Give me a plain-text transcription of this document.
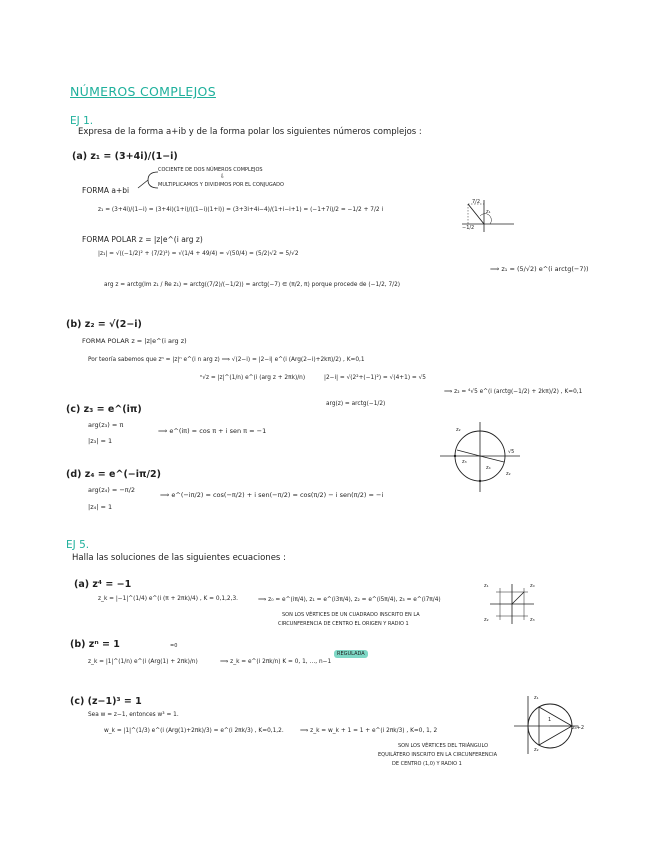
NÚMEROS COMPLEJOS
EJ 1.
Expresa de la forma a+ib y de la forma polar los siguientes números complejos :
(a) z₁ = (3+4i)/(1−i)
COCIENTE DE DOS NÚMEROS COMPLEJOS
⇩
MULTIPLICAMOS Y DIVIDIMOS POR EL CONJUGADO
FORMA a+bi
z₁ = (3+4i)/(1−i) = (3+4i)(1+i)/((1−i)(1+i)) = (3+3i+4i−4)/(1+i−i+1) = (−1+7i)/2 = −1/2 + 7/2 i	z₁
−1/2
7/2
FORMA POLAR z = |z|e^(i arg z)
|z₁| = √((−1/2)² + (7/2)²) = √(1/4 + 49/4) = √(50/4) = (5/2)√2 = 5/√2
⟹ z₁ = (5/√2) e^(i arctg(−7))
arg z = arctg(Im z₁ / Re z₁) = arctg((7/2)/(−1/2)) = arctg(−7) ∈ (π/2, π) porque procede de (−1/2, 7/2)
(b) z₂ = √(2−i)
FORMA POLAR z = |z|e^(i arg z)
Por teoría sabemos que zⁿ = |z|ⁿ e^(i n arg z) ⟹ √(2−i) = |2−i| e^(i (Arg(2−i)+2kπ)/2) , K=0,1
ⁿ√z = |z|^(1/n) e^(i (arg z + 2πk)/n)	|2−i| = √(2²+(−1)²) = √(4+1) = √5
⟹ z₂ = ⁴√5 e^(i (arctg(−1/2) + 2kπ)/2) , K=0,1
arg(z) = arctg(−1/2)
(c) z₃ = e^(iπ)
arg(z₃) = π
⟹ e^(iπ) = cos π + i sen π = −1
|z₃| = 1
z₂
z₃
z₄
√5
z₂
(d) z₄ = e^(−iπ/2)
arg(z₄) = −π/2
⟹ e^(−iπ/2) = cos(−π/2) + i sen(−π/2) = cos(π/2) − i sen(π/2) = −i
|z₄| = 1
EJ 5.
Halla las soluciones de las siguientes ecuaciones :
(a) z⁴ = −1
z_k = |−1|^(1/4) e^(i (π + 2πk)/4) , K = 0,1,2,3.	⟹ z₀ = e^(iπ/4), z₁ = e^(i3π/4), z₂ = e^(i5π/4), z₃ = e^(i7π/4)
SON LOS VÉRTICES DE UN CUADRADO INSCRITO EN LA
CIRCUNFERENCIA DE CENTRO EL ORIGEN Y RADIO 1
z₁	z₀
z₂	z₃
(b) zⁿ = 1	=0
z_k = |1|^(1/n) e^(i (Arg(1) + 2πk)/n)	⟹ z_k = e^(i 2πk/n) K = 0, 1, …, n−1
REGULADA
(c) (z−1)³ = 1
Sea w = z−1, entonces w³ = 1.
w_k = |1|^(1/3) e^(i (Arg(1)+2πk)/3) = e^(i 2πk/3) , K=0,1,2.	⟹ z_k = w_k + 1 = 1 + e^(i 2πk/3) , K=0, 1, 2
SON LOS VÉRTICES DEL TRIÁNGULO
EQUILÁTERO INSCRITO EN LA CIRCUNFERENCIA
DE CENTRO (1,0) Y RADIO 1
z₁
z₀+2
z₂
1
